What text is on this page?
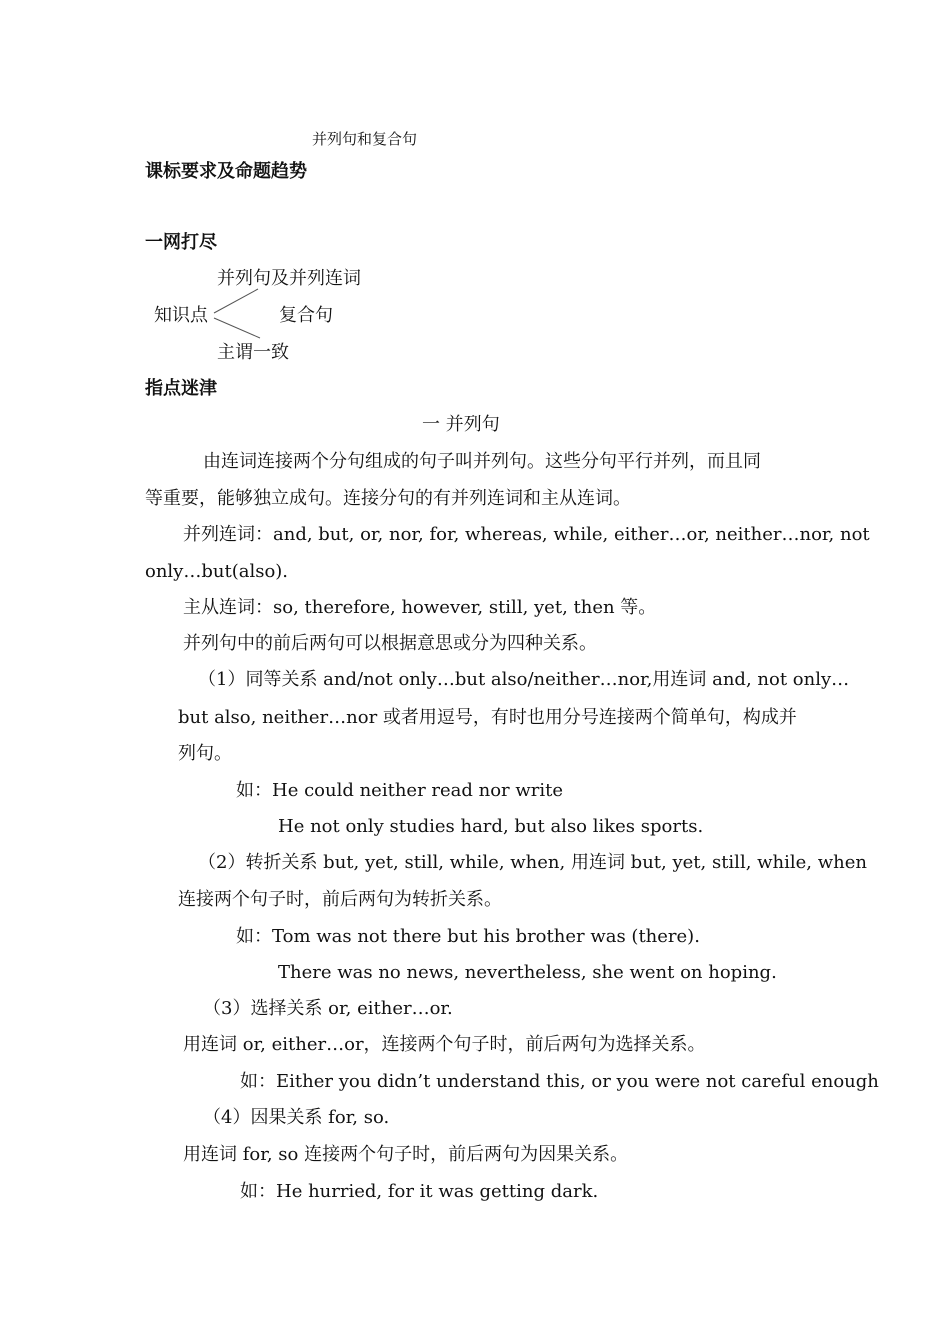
并列句和复合句
课标要求及命题趋势
一网打尽
并列句及并列连词
知识点	复合句
主谓一致
指点迷津
一 并列句
由连词连接两个分句组成的句子叫并列句。这些分句平行并列，而且同
等重要，能够独立成句。连接分句的有并列连词和主从连词。
并列连词：and, but, or, nor, for, whereas, while, either…or, neither…nor, not
only…but(also).
主从连词：so, therefore, however, still, yet, then 等。
并列句中的前后两句可以根据意思或分为四种关系。
（1）同等关系 and/not only…but also/neither…nor,用连词 and, not only…
but also, neither…nor 或者用逗号，有时也用分号连接两个简单句，构成并
列句。
如：He could neither read nor write
He not only studies hard, but also likes sports.
（2）转折关系 but, yet, still, while, when, 用连词 but, yet, still, while, when
连接两个句子时，前后两句为转折关系。
如：Tom was not there but his brother was (there).
There was no news, nevertheless, she went on hoping.
（3）选择关系 or, either…or.
用连词 or, either…or，连接两个句子时，前后两句为选择关系。
如：Either you didn’t understand this, or you were not careful enough
（4）因果关系 for, so.
用连词 for, so 连接两个句子时，前后两句为因果关系。
如：He hurried, for it was getting dark.
